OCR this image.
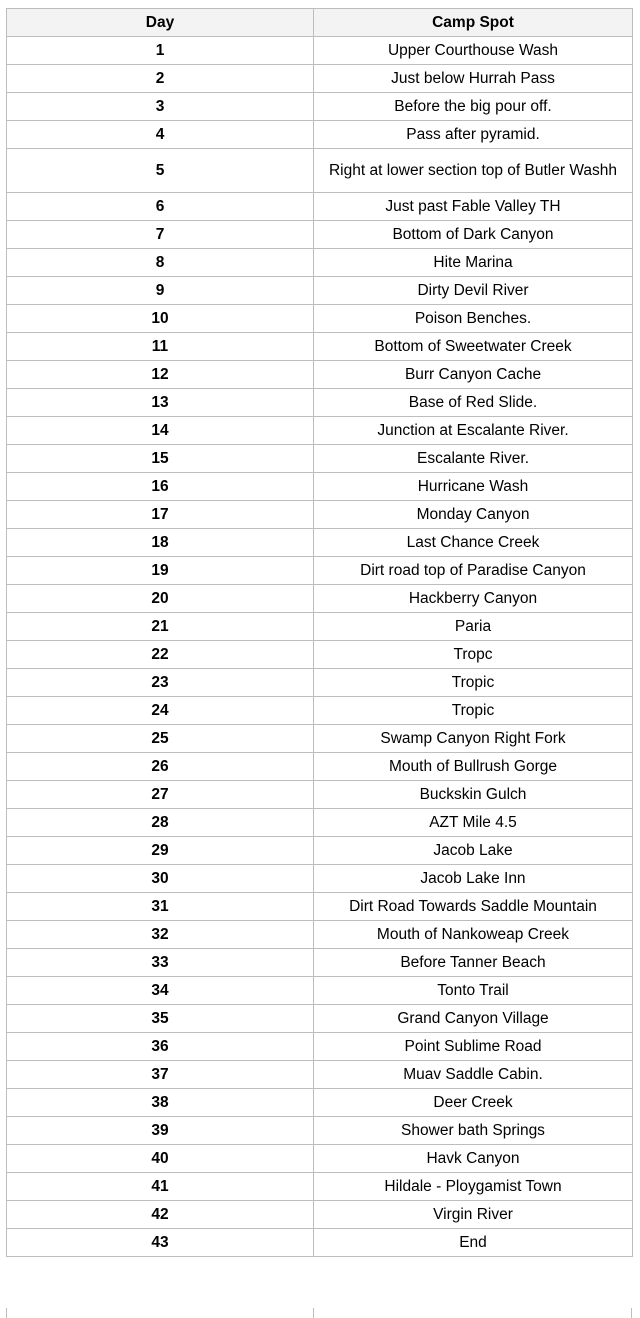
Day	Camp Spot
1	Upper Courthouse Wash
2	Just below Hurrah Pass
3	Before the big pour off.
4	Pass after pyramid.
5	Right at lower section top of Butler Washh
6	Just past Fable Valley TH
7	Bottom of Dark Canyon
8	Hite Marina
9	Dirty Devil River
10	Poison Benches.
11	Bottom of Sweetwater Creek
12	Burr Canyon Cache
13	Base of Red Slide.
14	Junction at Escalante River.
15	Escalante River.
16	Hurricane Wash
17	Monday Canyon
18	Last Chance Creek
19	Dirt road top of Paradise Canyon
20	Hackberry Canyon
21	Paria
22	Tropc
23	Tropic
24	Tropic
25	Swamp Canyon Right Fork
26	Mouth of Bullrush Gorge
27	Buckskin Gulch
28	AZT Mile 4.5
29	Jacob Lake
30	Jacob Lake Inn
31	Dirt Road Towards Saddle Mountain
32	Mouth of Nankoweap Creek
33	Before Tanner Beach
34	Tonto Trail
35	Grand Canyon Village
36	Point Sublime Road
37	Muav Saddle Cabin.
38	Deer Creek
39	Shower bath Springs
40	Havk Canyon
41	Hildale - Ploygamist Town
42	Virgin River
43	End
